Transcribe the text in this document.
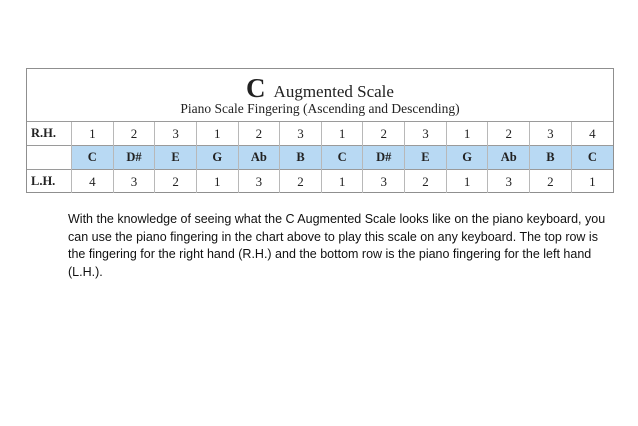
C Augmented Scale
Piano Scale Fingering (Ascending and Descending)
R.H.	1	2	3	1	2	3	1	2	3	1	2	3	4
	C	D#	E	G	Ab	B	C	D#	E	G	Ab	B	C
L.H.	4	3	2	1	3	2	1	3	2	1	3	2	1
With the knowledge of seeing what the C Augmented Scale looks like on the piano keyboard, you can use the piano fingering in the chart above to play this scale on any keyboard. The top row is the fingering for the right hand (R.H.) and the bottom row is the piano fingering for the left hand (L.H.).
